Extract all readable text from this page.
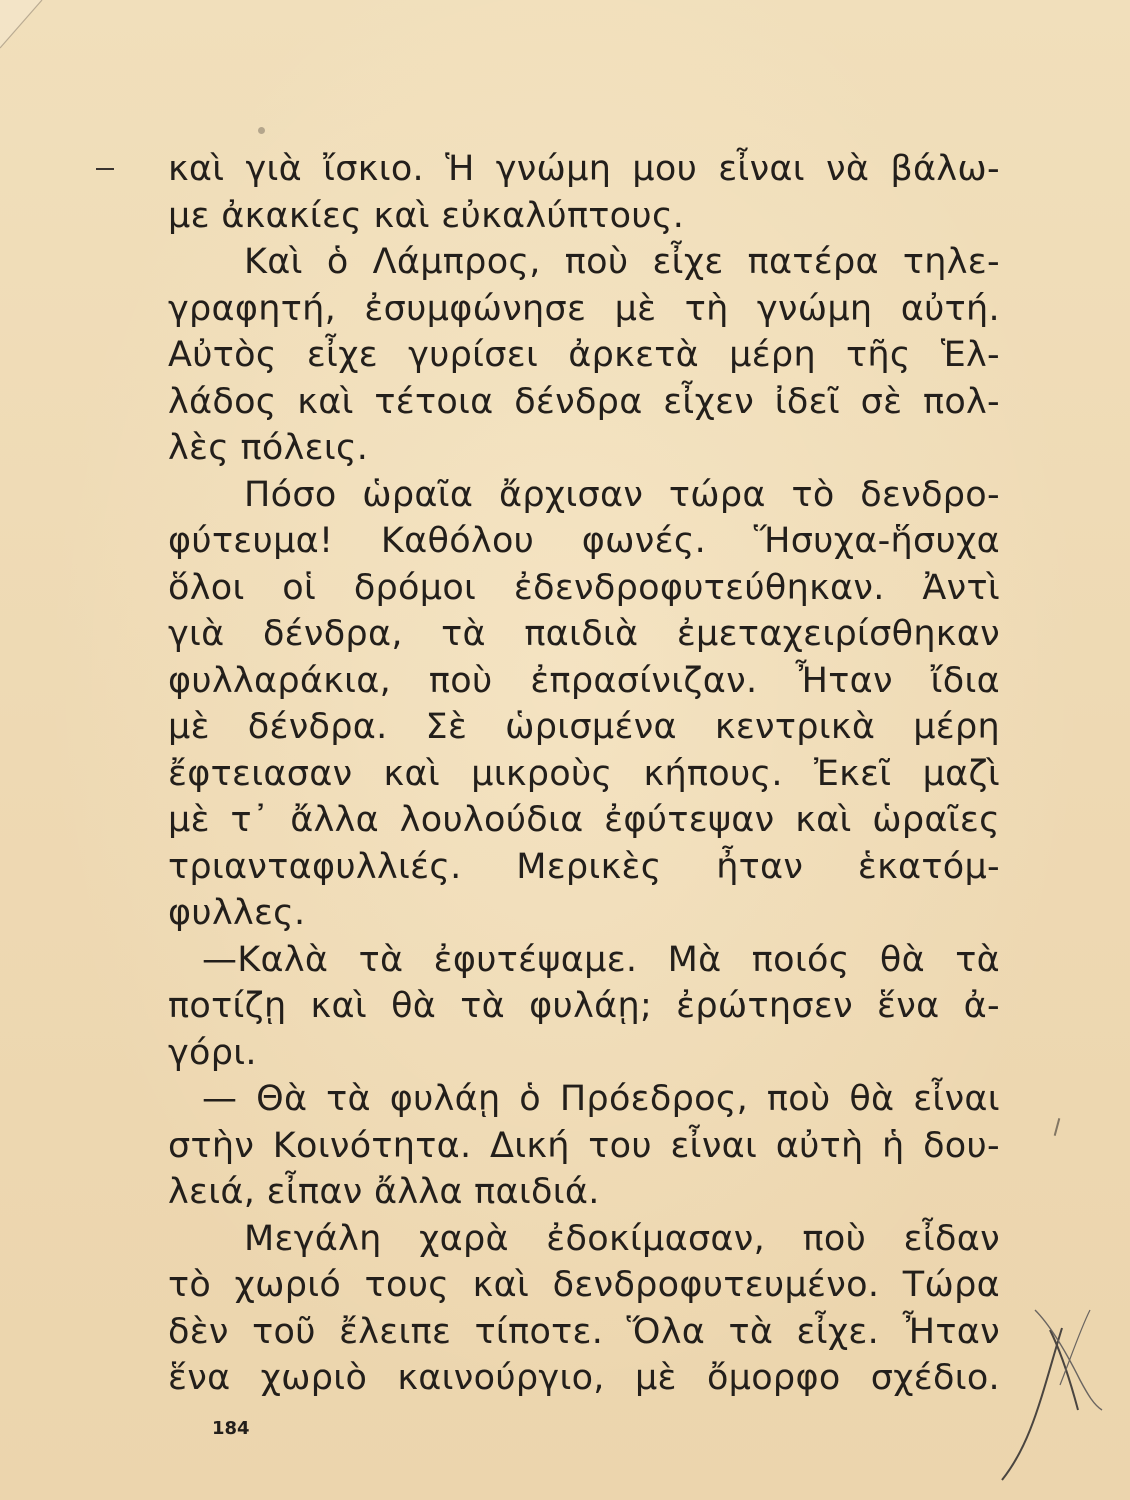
καὶ γιὰ ἴσκιο. Ἡ γνώμη μου εἶναι νὰ βάλω-
με ἀκακίες καὶ εὐκαλύπτους.
Καὶ ὁ Λάμπρος, ποὺ εἶχε πατέρα τηλε-
γραφητή, ἐσυμφώνησε μὲ τὴ γνώμη αὐτή.
Αὐτὸς εἶχε γυρίσει ἀρκετὰ μέρη τῆς Ἑλ-
λάδος καὶ τέτοια δένδρα εἶχεν ἰδεῖ σὲ πολ-
λὲς πόλεις.
Πόσο ὡραῖα ἄρχισαν τώρα τὸ δενδρο-
φύτευμα! Καθόλου φωνές. Ἥσυχα-ἥσυχα
ὅλοι οἱ δρόμοι ἐδενδροφυτεύθηκαν. Ἀντὶ
γιὰ δένδρα, τὰ παιδιὰ ἐμεταχειρίσθηκαν
φυλλαράκια, ποὺ ἐπρασίνιζαν. Ἦταν ἴδια
μὲ δένδρα. Σὲ ὡρισμένα κεντρικὰ μέρη
ἔφτειασαν καὶ μικροὺς κήπους. Ἐκεῖ μαζὶ
μὲ τ᾽ ἄλλα λουλούδια ἐφύτεψαν καὶ ὡραῖες
τριανταφυλλιές. Μερικὲς ἦταν ἑκατόμ-
φυλλες.
—Καλὰ τὰ ἐφυτέψαμε. Μὰ ποιός θὰ τὰ
ποτίζῃ καὶ θὰ τὰ φυλάῃ; ἐρώτησεν ἕνα ἀ-
γόρι.
— Θὰ τὰ φυλάῃ ὁ Πρόεδρος, ποὺ θὰ εἶναι
στὴν Κοινότητα. Δική του εἶναι αὐτὴ ἡ δου-
λειά, εἶπαν ἄλλα παιδιά.
Μεγάλη χαρὰ ἐδοκίμασαν, ποὺ εἶδαν
τὸ χωριό τους καὶ δενδροφυτευμένο. Τώρα
δὲν τοῦ ἔλειπε τίποτε. Ὅλα τὰ εἶχε. Ἦταν
ἕνα χωριὸ καινούργιο, μὲ ὄμορφο σχέδιο.
184
